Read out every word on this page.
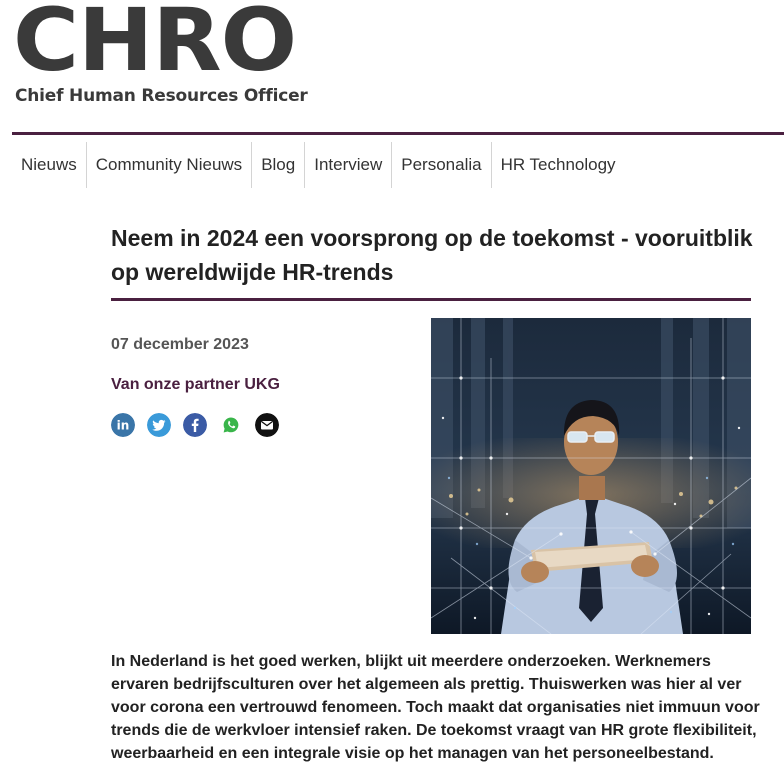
CHRO
Chief Human Resources Officer
Nieuws	Community Nieuws	Blog	Interview	Personalia	HR Technology
Neem in 2024 een voorsprong op de toekomst - vooruitblik op wereldwijde HR-trends
07 december 2023
Van onze partner UKG
in

In Nederland is het goed werken, blijkt uit meerdere onderzoeken. Werknemers ervaren bedrijfsculturen over het algemeen als prettig. Thuiswerken was hier al ver voor corona een vertrouwd fenomeen. Toch maakt dat organisaties niet immuun voor trends die de werkvloer intensief raken. De toekomst vraagt van HR grote flexibiliteit, weerbaarheid en een integrale visie op het managen van het personeelbestand.
